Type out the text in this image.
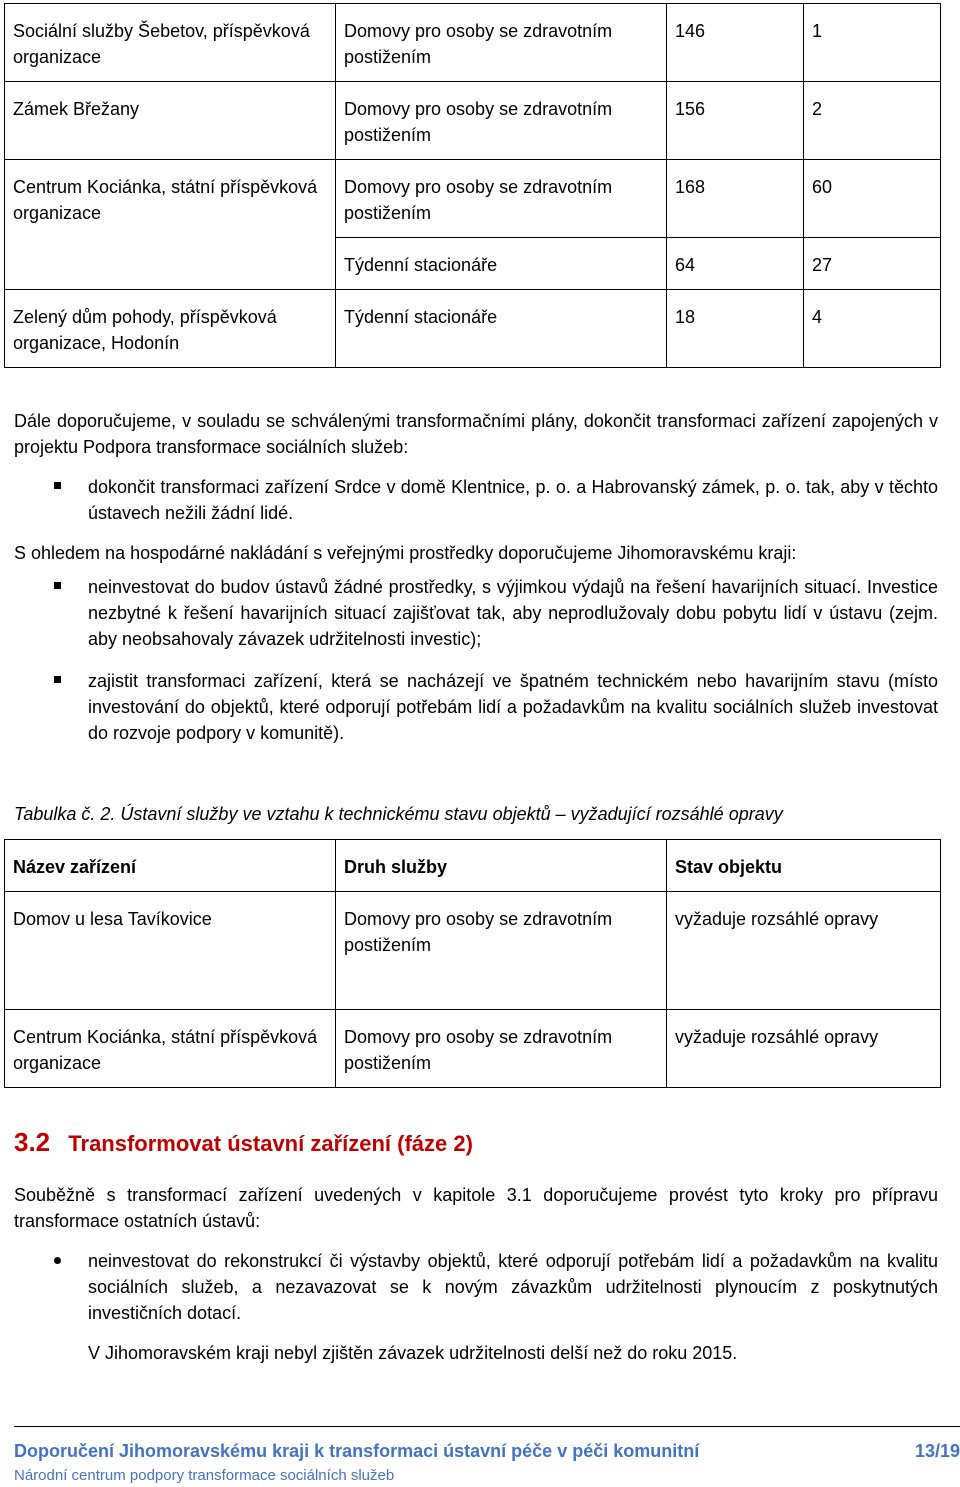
Sociální služby Šebetov, příspěvková organizace	Domovy pro osoby se zdravotním postižením	146	1
Zámek Břežany	Domovy pro osoby se zdravotním postižením	156	2
Centrum Kociánka, státní příspěvková organizace	Domovy pro osoby se zdravotním postižením	168	60
	Týdenní stacionáře	64	27
Zelený dům pohody, příspěvková organizace, Hodonín	Týdenní stacionáře	18	4
Dále doporučujeme, v souladu se schválenými transformačními plány, dokončit transformaci zařízení zapojených v projektu Podpora transformace sociálních služeb:
dokončit transformaci zařízení Srdce v domě Klentnice, p. o. a Habrovanský zámek, p. o. tak, aby v těchto ústavech nežili žádní lidé.
S ohledem na hospodárné nakládání s veřejnými prostředky doporučujeme Jihomoravskému kraji:
neinvestovat do budov ústavů žádné prostředky, s výjimkou výdajů na řešení havarijních situací. Investice nezbytné k řešení havarijních situací zajišťovat tak, aby neprodlužovaly dobu pobytu lidí v ústavu (zejm. aby neobsahovaly závazek udržitelnosti investic);
zajistit transformaci zařízení, která se nacházejí ve špatném technickém nebo havarijním stavu (místo investování do objektů, které odporují potřebám lidí a požadavkům na kvalitu sociálních služeb investovat do rozvoje podpory v komunitě).
Tabulka č. 2. Ústavní služby ve vztahu k technickému stavu objektů – vyžadující rozsáhlé opravy
Název zařízení	Druh služby	Stav objektu
Domov u lesa Tavíkovice	Domovy pro osoby se zdravotním postižením	vyžaduje rozsáhlé opravy
Centrum Kociánka, státní příspěvková organizace	Domovy pro osoby se zdravotním postižením	vyžaduje rozsáhlé opravy
3.2 Transformovat ústavní zařízení (fáze 2)
Souběžně s transformací zařízení uvedených v kapitole 3.1 doporučujeme provést tyto kroky pro přípravu transformace ostatních ústavů:
neinvestovat do rekonstrukcí či výstavby objektů, které odporují potřebám lidí a požadavkům na kvalitu sociálních služeb, a nezavazovat se k novým závazkům udržitelnosti plynoucím z poskytnutých investičních dotací.
V Jihomoravském kraji nebyl zjištěn závazek udržitelnosti delší než do roku 2015.
Doporučení Jihomoravskému kraji k transformaci ústavní péče v péči komunitní	13/19
Národní centrum podpory transformace sociálních služeb
